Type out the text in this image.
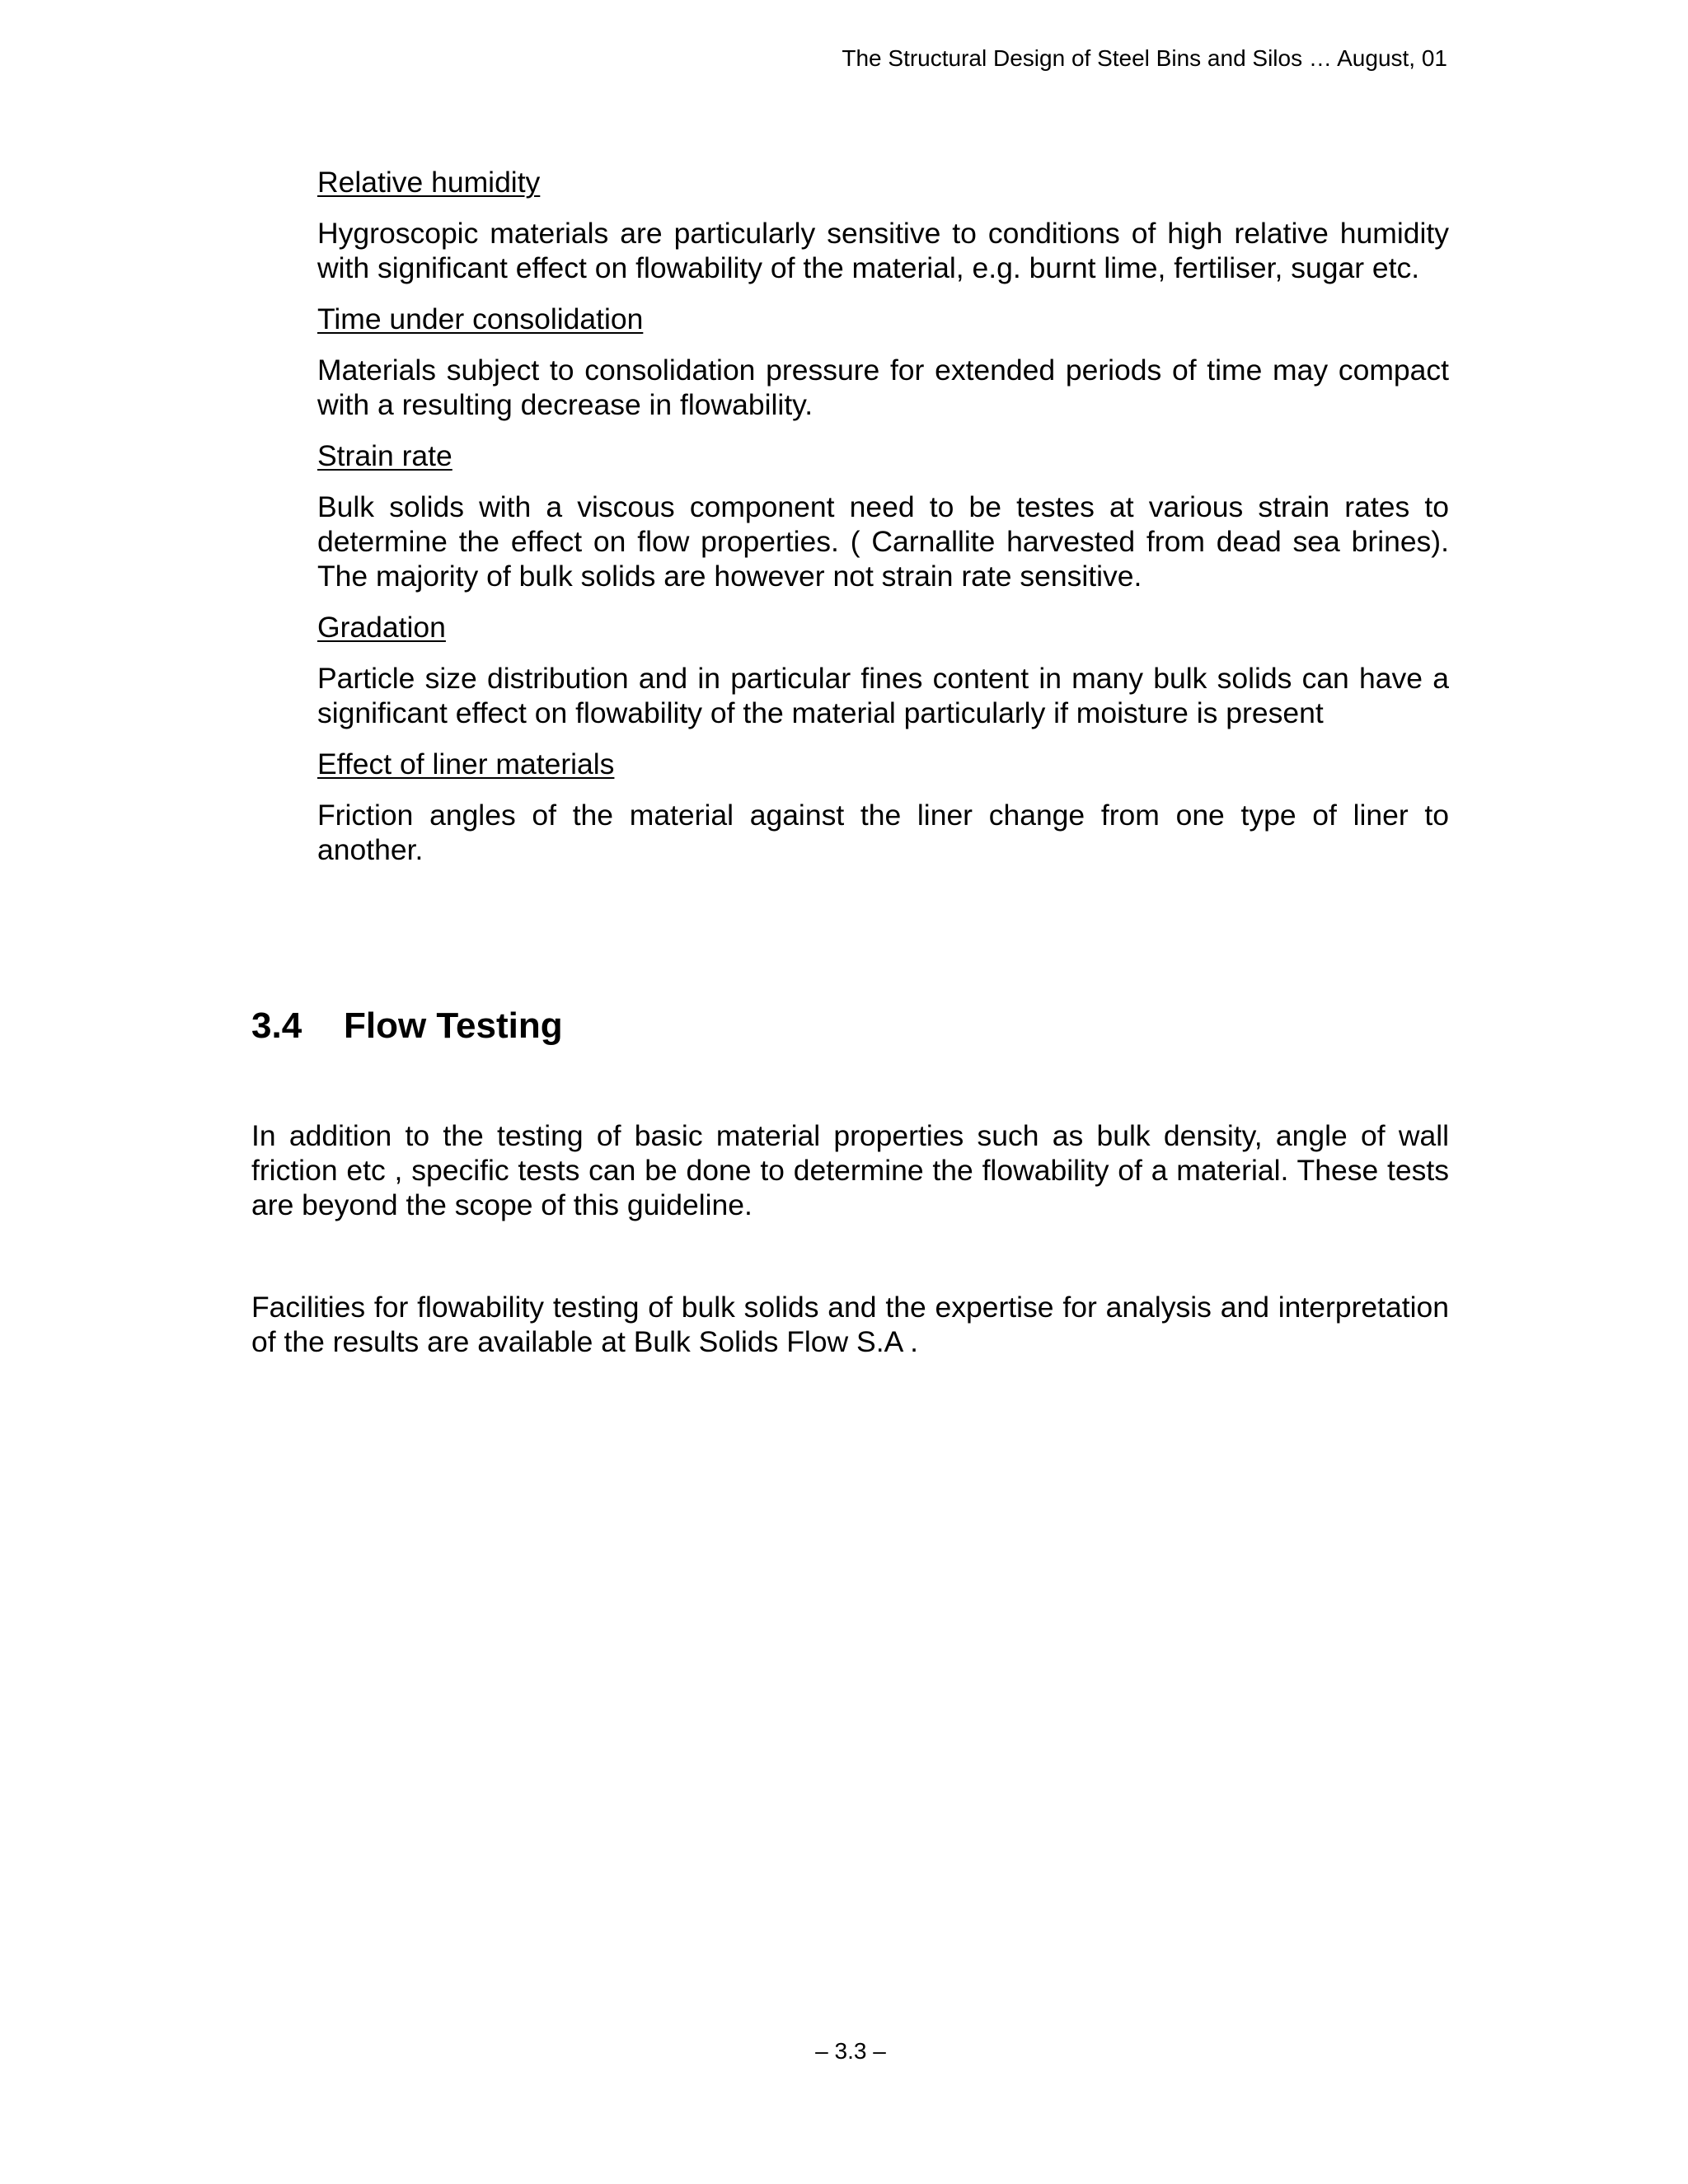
The Structural Design of Steel Bins and Silos … August, 01
Relative humidity

Hygroscopic materials are particularly sensitive to conditions of high relative humidity with significant effect on flowability of the material, e.g. burnt lime, fertiliser, sugar etc.

Time under consolidation

Materials subject to consolidation pressure for extended periods of time may compact with a resulting decrease in flowability.

Strain rate

Bulk solids with a viscous component need to be testes at various strain rates to determine the effect on flow properties. ( Carnallite harvested from dead sea brines). The majority of bulk solids are however not strain rate sensitive.

Gradation

Particle size distribution and in particular fines content in many bulk solids can have a significant effect on flowability of the material particularly if moisture is present

Effect of liner materials

Friction angles of the material against the liner change from one type of liner to another.

3.4 Flow Testing

In addition to the testing of basic material properties such as bulk density, angle of wall friction etc , specific tests can be done to determine the flowability of a material. These tests are beyond the scope of this guideline.

Facilities for flowability testing of bulk solids and the expertise for analysis and interpretation of the results are available at Bulk Solids Flow S.A .

– 3.3 –
